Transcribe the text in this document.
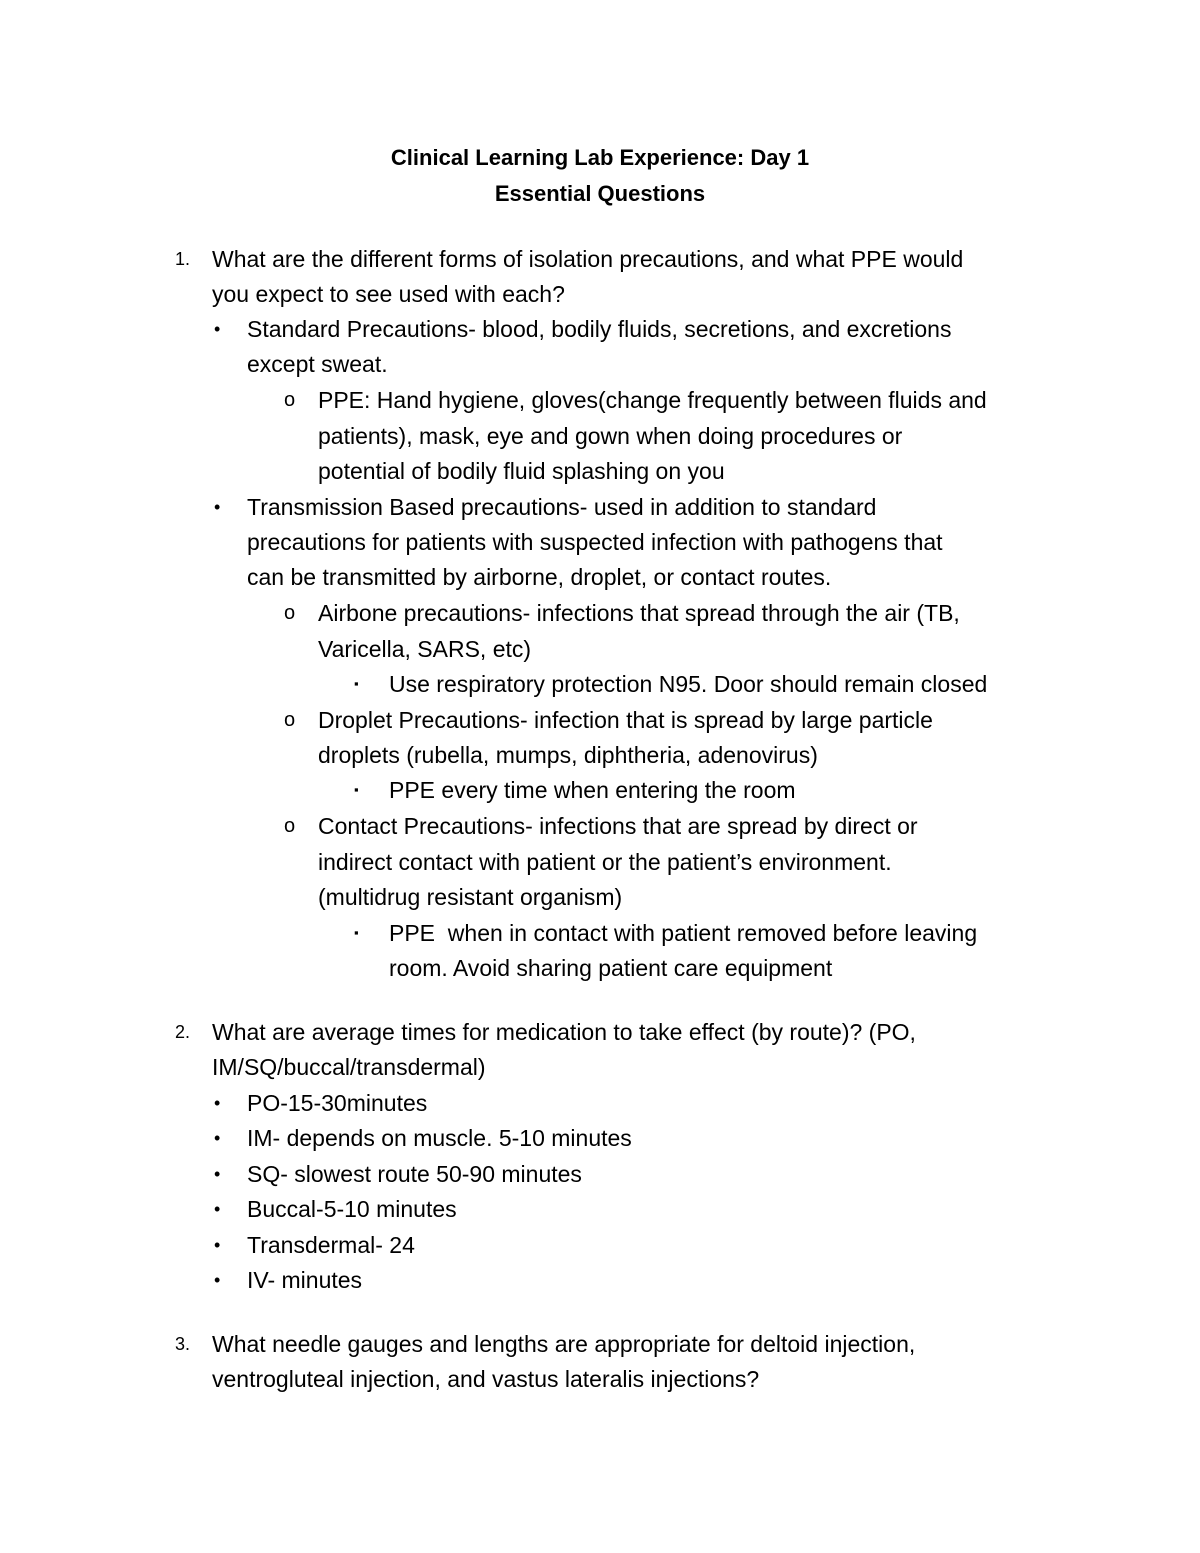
Clinical Learning Lab Experience: Day 1
Essential Questions
1. What are the different forms of isolation precautions, and what PPE would
you expect to see used with each?
• Standard Precautions- blood, bodily fluids, secretions, and excretions
except sweat.
o PPE: Hand hygiene, gloves(change frequently between fluids and
patients), mask, eye and gown when doing procedures or
potential of bodily fluid splashing on you
• Transmission Based precautions- used in addition to standard
precautions for patients with suspected infection with pathogens that
can be transmitted by airborne, droplet, or contact routes.
o Airbone precautions- infections that spread through the air (TB,
Varicella, SARS, etc)
▪ Use respiratory protection N95. Door should remain closed
o Droplet Precautions- infection that is spread by large particle
droplets (rubella, mumps, diphtheria, adenovirus)
▪ PPE every time when entering the room
o Contact Precautions- infections that are spread by direct or
indirect contact with patient or the patient’s environment.
(multidrug resistant organism)
▪ PPE  when in contact with patient removed before leaving
room. Avoid sharing patient care equipment
2. What are average times for medication to take effect (by route)? (PO,
IM/SQ/buccal/transdermal)
• PO-15-30minutes
• IM- depends on muscle. 5-10 minutes
• SQ- slowest route 50-90 minutes
• Buccal-5-10 minutes
• Transdermal- 24
• IV- minutes
3. What needle gauges and lengths are appropriate for deltoid injection,
ventrogluteal injection, and vastus lateralis injections?
